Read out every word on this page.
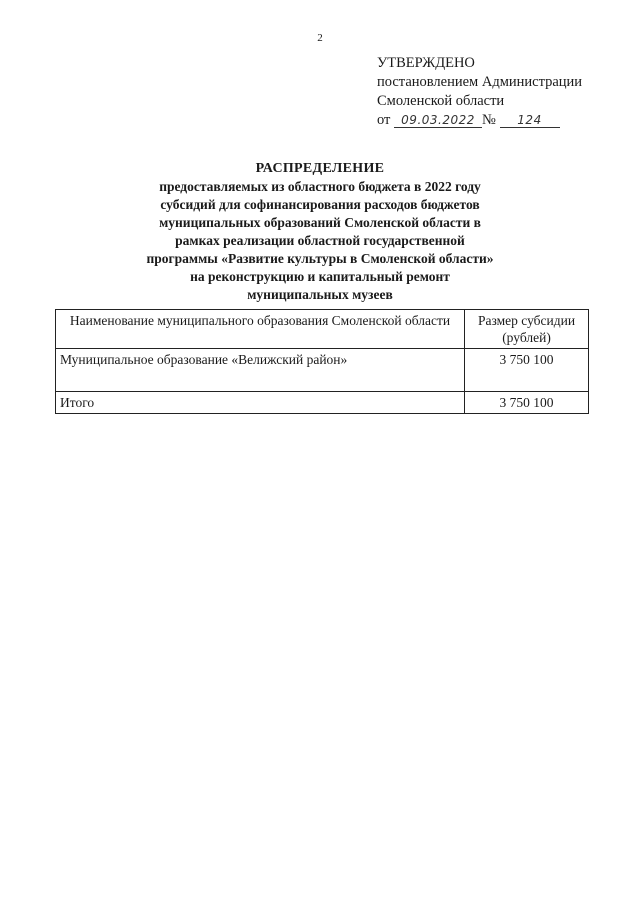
2
УТВЕРЖДЕНО
постановлением Администрации
Смоленской области
от 09.03.2022 № 124
РАСПРЕДЕЛЕНИЕ
предоставляемых из областного бюджета в 2022 году
субсидий для софинансирования расходов бюджетов
муниципальных образований Смоленской области в
рамках реализации областной государственной
программы «Развитие культуры в Смоленской области»
на реконструкцию и капитальный ремонт
муниципальных музеев
Наименование муниципального образования Смоленской области	Размер субсидии (рублей)
Муниципальное образование «Велижский район»	3 750 100
Итого	3 750 100
